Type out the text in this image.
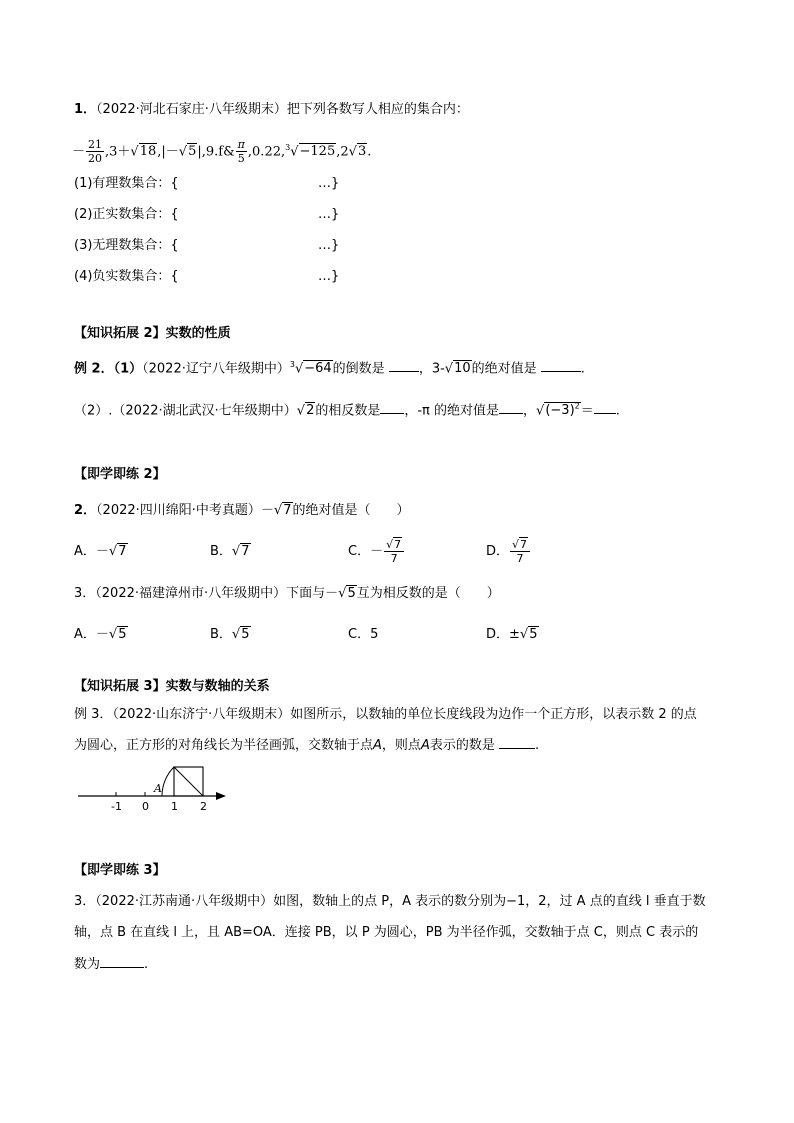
1．（2022·河北石家庄·八年级期末）把下列各数写人相应的集合内：
－ $\frac{21}{20}$ ,3＋√18,|－√5|,9.f& $\frac{\pi}{5} ,0.22,^3√-125,2√3$.
(1)有理数集合：{	…}
(2)正实数集合：{	…}
(3)无理数集合：{	…}
(4)负实数集合：{	…}
【知识拓展 2】实数的性质
例 2．（1）（2022·辽宁八年级期中）$^3$√−64的倒数是	，3-√10的绝对值是	.
（2）.（2022·湖北武汉·七年级期中）√2的相反数是 ，-π 的绝对值是 ，$√(-3)^2=$ .
【即学即练 2】
2．（2022·四川绵阳·中考真题）－√7的绝对值是（　　）
A．－√7	B．√7	C．－ $\frac{√7}{7}$	D． $\frac{√7}{7}$
3．（2022·福建漳州市·八年级期中）下面与－√5互为相反数的是（　　）
A．－√5	B．√5	C．5	D．±√5
【知识拓展 3】实数与数轴的关系
例 3．（2022·山东济宁·八年级期末）如图所示，以数轴的单位长度线段为边作一个正方形，以表示数 2 的点
为圆心，正方形的对角线长为半径画弧，交数轴于点A，则点A表示的数是	.
-1 0 1 2
A
【即学即练 3】
3．（2022·江苏南通·八年级期中）如图，数轴上的点 P，A 表示的数分别为−1，2，过 A 点的直线 l 垂直于数
轴，点 B 在直线 l 上，且 AB=OA．连接 PB，以 P 为圆心，PB 为半径作弧，交数轴于点 C，则点 C 表示的
数为	.
